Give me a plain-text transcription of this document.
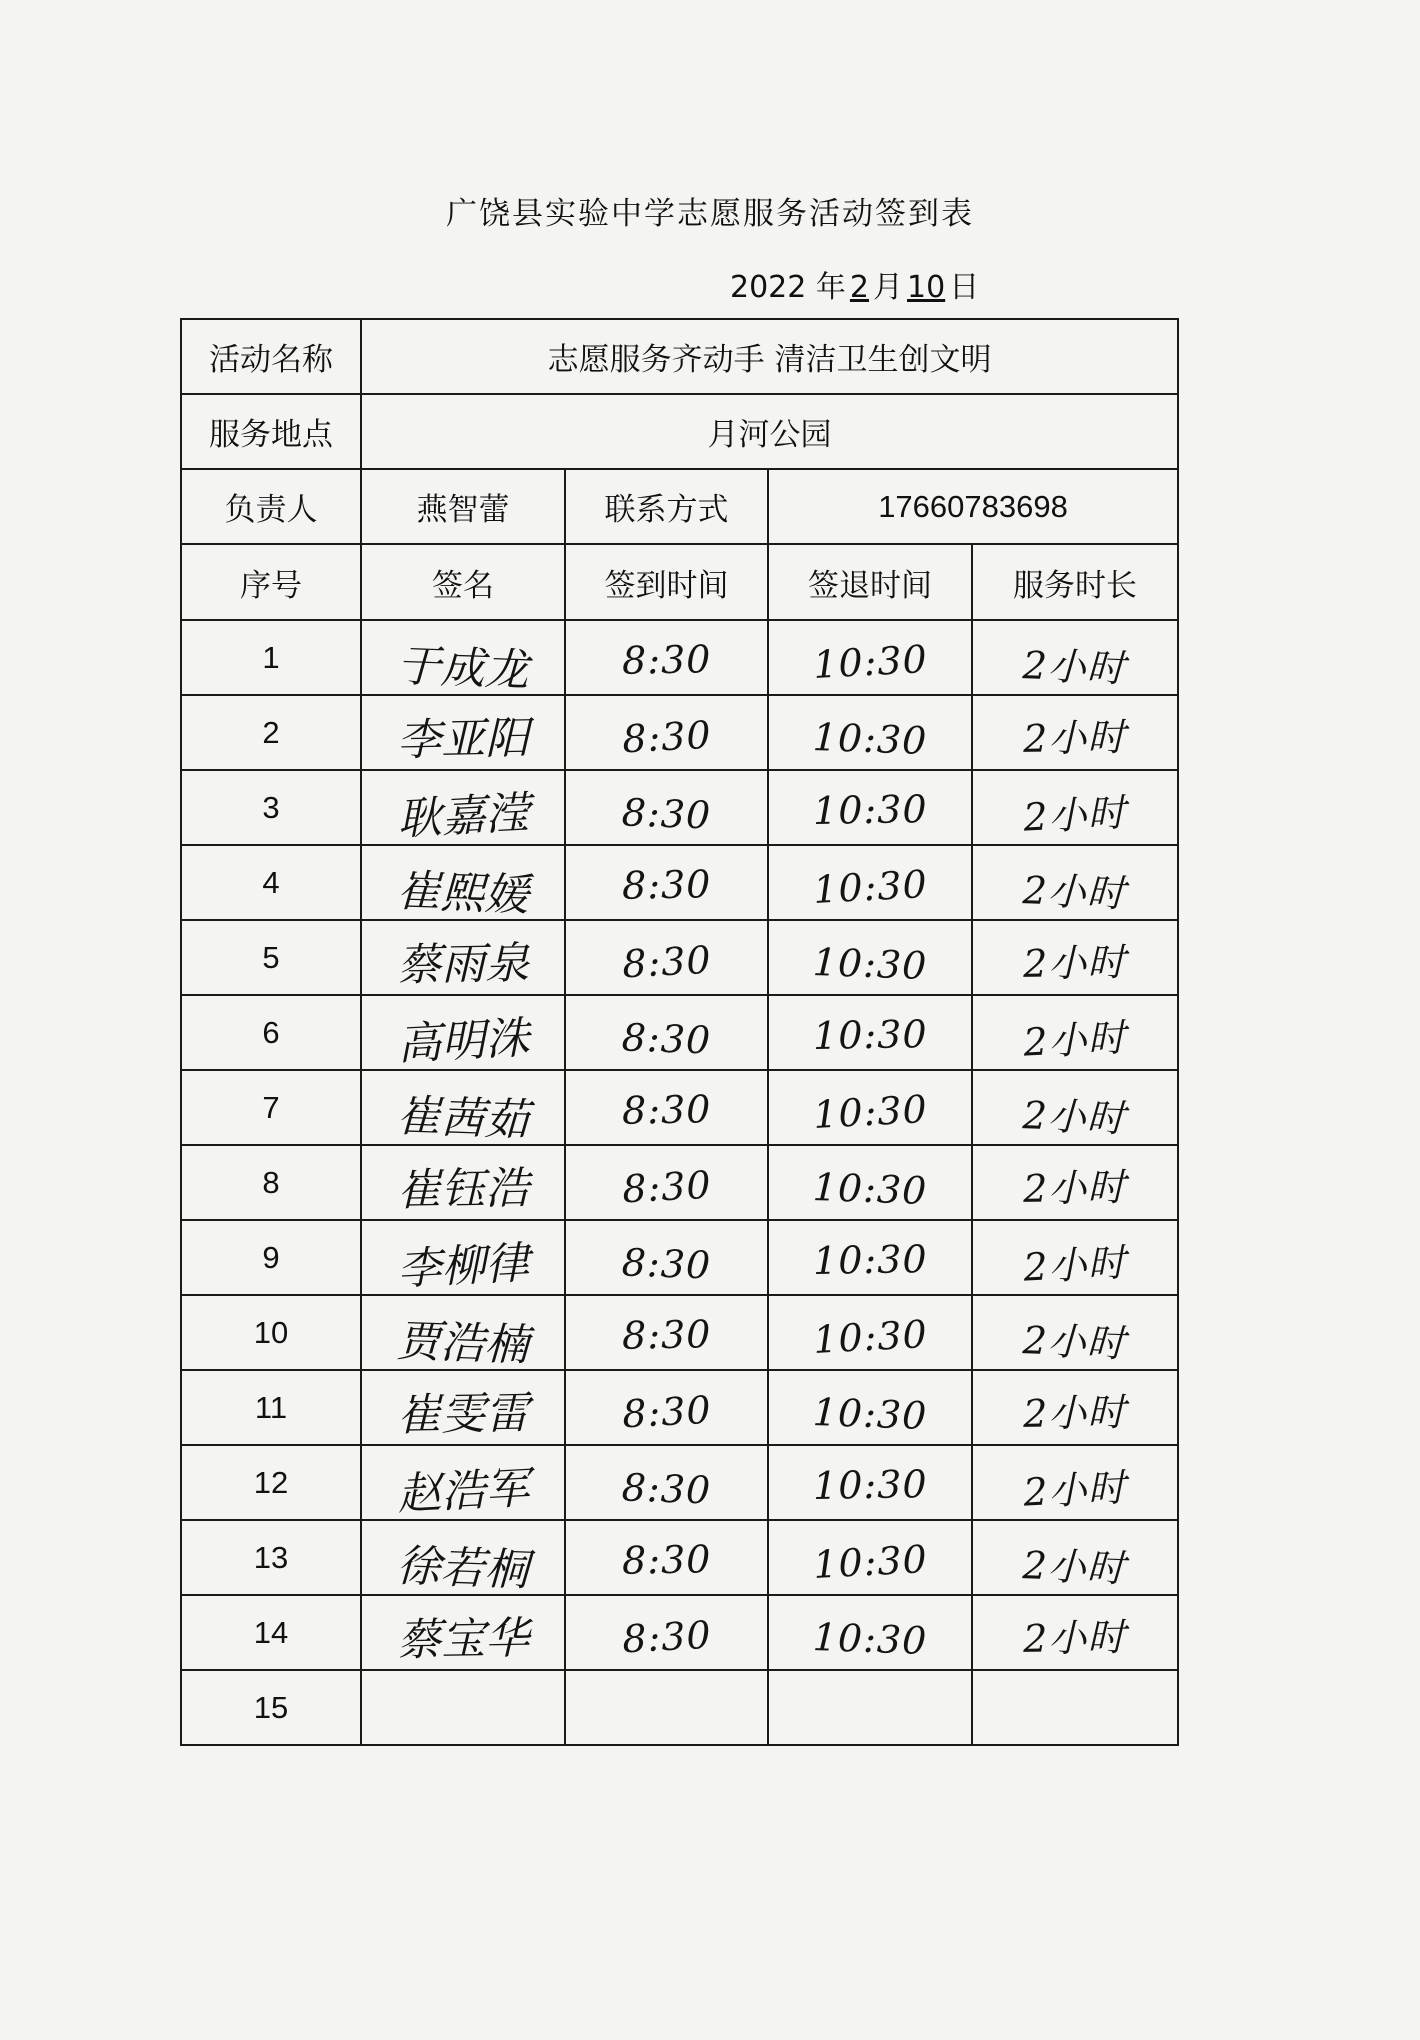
广饶县实验中学志愿服务活动签到表
2022 年 2 月 10 日
活动名称	志愿服务齐动手 清洁卫生创文明			
服务地点	月河公园			
负责人	燕智蕾	联系方式	17660783698	
序号	签名	签到时间	签退时间	服务时长
1	于成龙	8:30	10:30	2小时
2	李亚阳	8:30	10:30	2小时
3	耿嘉滢	8:30	10:30	2小时
4	崔熙媛	8:30	10:30	2小时
5	蔡雨泉	8:30	10:30	2小时
6	高明洙	8:30	10:30	2小时
7	崔茜茹	8:30	10:30	2小时
8	崔钰浩	8:30	10:30	2小时
9	李柳律	8:30	10:30	2小时
10	贾浩楠	8:30	10:30	2小时
11	崔雯雷	8:30	10:30	2小时
12	赵浩军	8:30	10:30	2小时
13	徐若桐	8:30	10:30	2小时
14	蔡宝华	8:30	10:30	2小时
15				
